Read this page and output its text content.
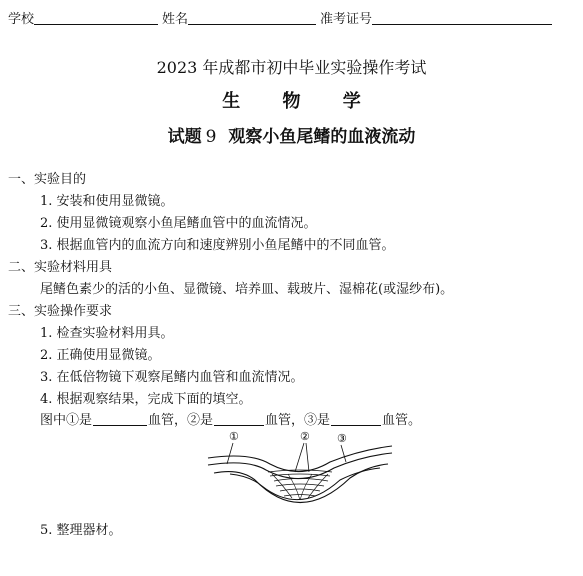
学校	姓名	准考证号
2023 年成都市初中毕业实验操作考试
生 物 学
试题 9 观察小鱼尾鳍的血液流动
一、实验目的
1. 安装和使用显微镜。
2. 使用显微镜观察小鱼尾鳍血管中的血流情况。
3. 根据血管内的血流方向和速度辨别小鱼尾鳍中的不同血管。
二、实验材料用具
尾鳍色素少的活的小鱼、显微镜、培养皿、载玻片、湿棉花(或湿纱布)。
三、实验操作要求
1. 检查实验材料用具。
2. 正确使用显微镜。
3. 在低倍物镜下观察尾鳍内血管和血流情况。
4. 根据观察结果，完成下面的填空。
图中①是	血管，②是	血管，③是	血管。
①	② ③
5. 整理器材。
